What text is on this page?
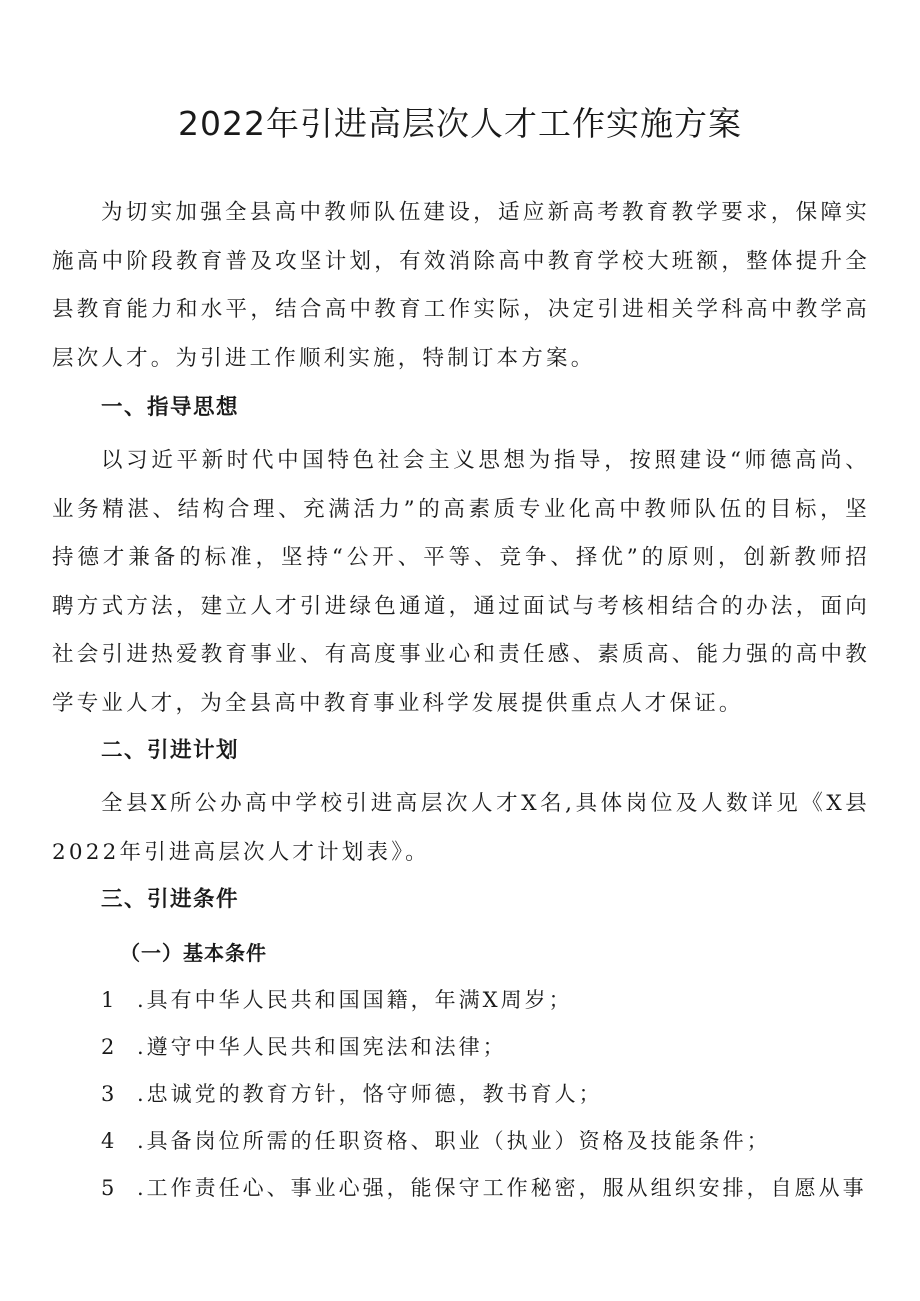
2022年引进高层次人才工作实施方案

为切实加强全县高中教师队伍建设，适应新高考教育教学要求，保障实施高中阶段教育普及攻坚计划，有效消除高中教育学校大班额，整体提升全县教育能力和水平，结合高中教育工作实际，决定引进相关学科高中教学高层次人才。为引进工作顺利实施，特制订本方案。

一、指导思想

以习近平新时代中国特色社会主义思想为指导，按照建设“师德高尚、业务精湛、结构合理、充满活力”的高素质专业化高中教师队伍的目标，坚持德才兼备的标准，坚持“公开、平等、竞争、择优”的原则，创新教师招聘方式方法，建立人才引进绿色通道，通过面试与考核相结合的办法，面向社会引进热爱教育事业、有高度事业心和责任感、素质高、能力强的高中教学专业人才，为全县高中教育事业科学发展提供重点人才保证。

二、引进计划

全县X所公办高中学校引进高层次人才X名,具体岗位及人数详见《X县2022年引进高层次人才计划表》。

三、引进条件
（一）基本条件
1 .具有中华人民共和国国籍，年满X周岁；
2 .遵守中华人民共和国宪法和法律；
3 .忠诚党的教育方针，恪守师德，教书育人；
4 .具备岗位所需的任职资格、职业（执业）资格及技能条件；
5 .工作责任心、事业心强，能保守工作秘密，服从组织安排，自愿从事
